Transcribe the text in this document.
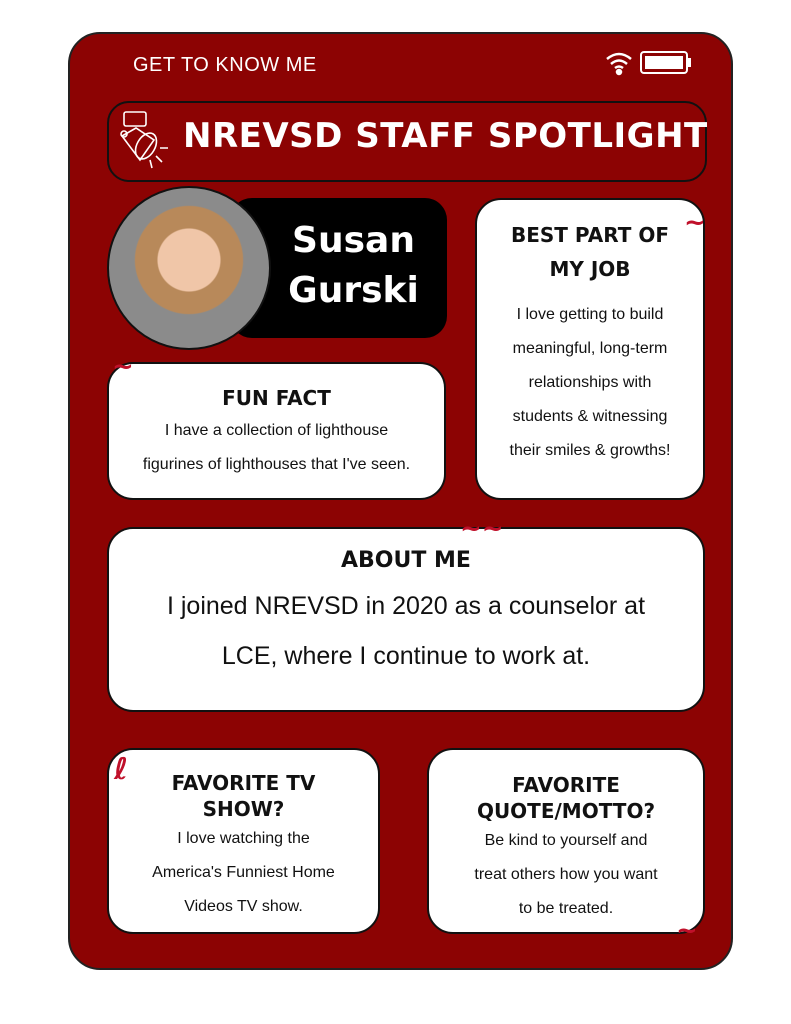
GET TO KNOW ME
NREVSD STAFF SPOTLIGHT
Susan
Gurski
BEST PART OF MY JOB

I love getting to build

meaningful, long-term

relationships with

students & witnessing

their smiles & growths!

~
FUN FACT

I have a collection of lighthouse

figurines of lighthouses that I've seen.

~
ABOUT ME

I joined NREVSD in 2020 as a counselor at

LCE, where I continue to work at.

~~
FAVORITE TV
SHOW?

I love watching the

America's Funniest Home

Videos TV show.

ℓ	FAVORITE
QUOTE/MOTTO?

Be kind to yourself and

treat others how you want

to be treated.

~
